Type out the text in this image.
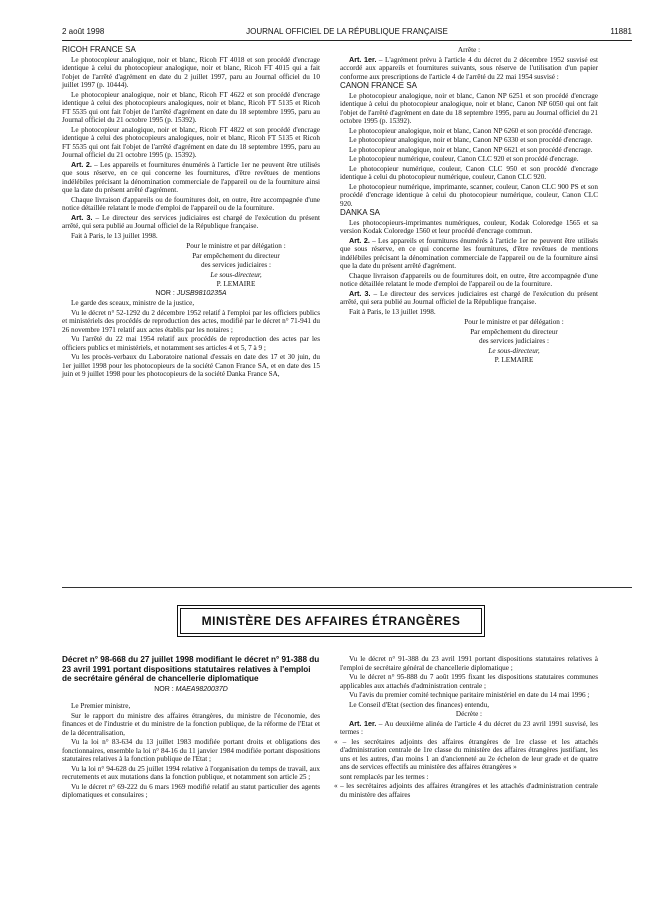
2 août 1998	JOURNAL OFFICIEL DE LA RÉPUBLIQUE FRANÇAISE	11881

RICOH FRANCE SA

Le photocopieur analogique, noir et blanc, Ricoh FT 4018 et son procédé d'encrage identique à celui du photocopieur analogique, noir et blanc, Ricoh FT 4015 qui a fait l'objet de l'arrêté d'agrément en date du 2 juillet 1997, paru au Journal officiel du 10 juillet 1997 (p. 10444).

Le photocopieur analogique, noir et blanc, Ricoh FT 4622 et son procédé d'encrage identique à celui des photocopieurs analogiques, noir et blanc, Ricoh FT 5135 et Ricoh FT 5535 qui ont fait l'objet de l'arrêté d'agrément en date du 18 septembre 1995, paru au Journal officiel du 21 octobre 1995 (p. 15392).

Le photocopieur analogique, noir et blanc, Ricoh FT 4822 et son procédé d'encrage identique à celui des photocopieurs analogiques, noir et blanc, Ricoh FT 5135 et Ricoh FT 5535 qui ont fait l'objet de l'arrêté d'agrément en date du 18 septembre 1995, paru au Journal officiel du 21 octobre 1995 (p. 15392).

Art. 2. – Les appareils et fournitures énumérés à l'article 1er ne peuvent être utilisés que sous réserve, en ce qui concerne les fournitures, d'être revêtues de mentions indélébiles précisant la dénomination commerciale de l'appareil ou de la fourniture ainsi que la date du présent arrêté d'agrément.

Chaque livraison d'appareils ou de fournitures doit, en outre, être accompagnée d'une notice détaillée relatant le mode d'emploi de l'appareil ou de la fourniture.

Art. 3. – Le directeur des services judiciaires est chargé de l'exécution du présent arrêté, qui sera publié au Journal officiel de la République française.

Fait à Paris, le 13 juillet 1998.

Pour le ministre et par délégation :

Par empêchement du directeur

des services judiciaires :

Le sous-directeur,

P. LEMAIRE

NOR : JUSB9810235A

Le garde des sceaux, ministre de la justice,

Vu le décret n° 52-1292 du 2 décembre 1952 relatif à l'emploi par les officiers publics et ministériels des procédés de reproduction des actes, modifié par le décret n° 71-941 du 26 novembre 1971 relatif aux actes établis par les notaires ;

Vu l'arrêté du 22 mai 1954 relatif aux procédés de reproduction des actes par les officiers publics et ministériels, et notamment ses articles 4 et 5, 7 à 9 ;

Vu les procès-verbaux du Laboratoire national d'essais en date des 17 et 30 juin, du 1er juillet 1998 pour les photocopieurs de la société Canon France SA, et en date des 15 juin et 9 juillet 1998 pour les photocopieurs de la société Danka France SA,

Arrête :

Art. 1er. – L'agrément prévu à l'article 4 du décret du 2 décembre 1952 susvisé est accordé aux appareils et fournitures suivants, sous réserve de l'utilisation d'un papier conforme aux prescriptions de l'article 4 de l'arrêté du 22 mai 1954 susvisé :

CANON FRANCE SA

Le photocopieur analogique, noir et blanc, Canon NP 6251 et son procédé d'encrage identique à celui du photocopieur analogique, noir et blanc, Canon NP 6050 qui ont fait l'objet de l'arrêté d'agrément en date du 18 septembre 1995, paru au Journal officiel du 21 octobre 1995 (p. 15392).

Le photocopieur analogique, noir et blanc, Canon NP 6260 et son procédé d'encrage.

Le photocopieur analogique, noir et blanc, Canon NP 6330 et son procédé d'encrage.

Le photocopieur analogique, noir et blanc, Canon NP 6621 et son procédé d'encrage.

Le photocopieur numérique, couleur, Canon CLC 920 et son procédé d'encrage.

Le photocopieur numérique, couleur, Canon CLC 950 et son procédé d'encrage identique à celui du photocopieur numérique, couleur, Canon CLC 920.

Le photocopieur numérique, imprimante, scanner, couleur, Canon CLC 900 PS et son procédé d'encrage identique à celui du photocopieur numérique, couleur, Canon CLC 920.

DANKA SA

Les photocopieurs-imprimantes numériques, couleur, Kodak Coloredge 1565 et sa version Kodak Coloredge 1560 et leur procédé d'encrage commun.

Art. 2. – Les appareils et fournitures énumérés à l'article 1er ne peuvent être utilisés que sous réserve, en ce qui concerne les fournitures, d'être revêtues de mentions indélébiles précisant la dénomination commerciale de l'appareil ou de la fourniture ainsi que la date du présent arrêté d'agrément.

Chaque livraison d'appareils ou de fournitures doit, en outre, être accompagnée d'une notice détaillée relatant le mode d'emploi de l'appareil ou de la fourniture.

Art. 3. – Le directeur des services judiciaires est chargé de l'exécution du présent arrêté, qui sera publié au Journal officiel de la République française.

Fait à Paris, le 13 juillet 1998.

Pour le ministre et par délégation :

Par empêchement du directeur

des services judiciaires :

Le sous-directeur,

P. LEMAIRE

MINISTÈRE DES AFFAIRES ÉTRANGÈRES

Décret n° 98-668 du 27 juillet 1998 modifiant le décret n° 91-388 du 23 avril 1991 portant dispositions statutaires relatives à l'emploi de secrétaire général de chancellerie diplomatique

NOR : MAEA9820037D

Le Premier ministre,

Sur le rapport du ministre des affaires étrangères, du ministre de l'économie, des finances et de l'industrie et du ministre de la fonction publique, de la réforme de l'Etat et de la décentralisation,

Vu la loi n° 83-634 du 13 juillet 1983 modifiée portant droits et obligations des fonctionnaires, ensemble la loi n° 84-16 du 11 janvier 1984 modifiée portant dispositions statutaires relatives à la fonction publique de l'Etat ;

Vu la loi n° 94-628 du 25 juillet 1994 relative à l'organisation du temps de travail, aux recrutements et aux mutations dans la fonction publique, et notamment son article 25 ;

Vu le décret n° 69-222 du 6 mars 1969 modifié relatif au statut particulier des agents diplomatiques et consulaires ;

Vu le décret n° 91-388 du 23 avril 1991 portant dispositions statutaires relatives à l'emploi de secrétaire général de chancellerie diplomatique ;

Vu le décret n° 95-888 du 7 août 1995 fixant les dispositions statutaires communes applicables aux attachés d'administration centrale ;

Vu l'avis du premier comité technique paritaire ministériel en date du 14 mai 1996 ;

Le Conseil d'Etat (section des finances) entendu,

Décrète :

Art. 1er. – Au deuxième alinéa de l'article 4 du décret du 23 avril 1991 susvisé, les termes :

« – les secrétaires adjoints des affaires étrangères de 1re classe et les attachés d'administration centrale de 1re classe du ministère des affaires étrangères justifiant, les uns et les autres, d'au moins 1 an d'ancienneté au 2e échelon de leur grade et de quatre ans de services effectifs au ministère des affaires étrangères »

sont remplacés par les termes :

« – les secrétaires adjoints des affaires étrangères et les attachés d'administration centrale du ministère des affaires
